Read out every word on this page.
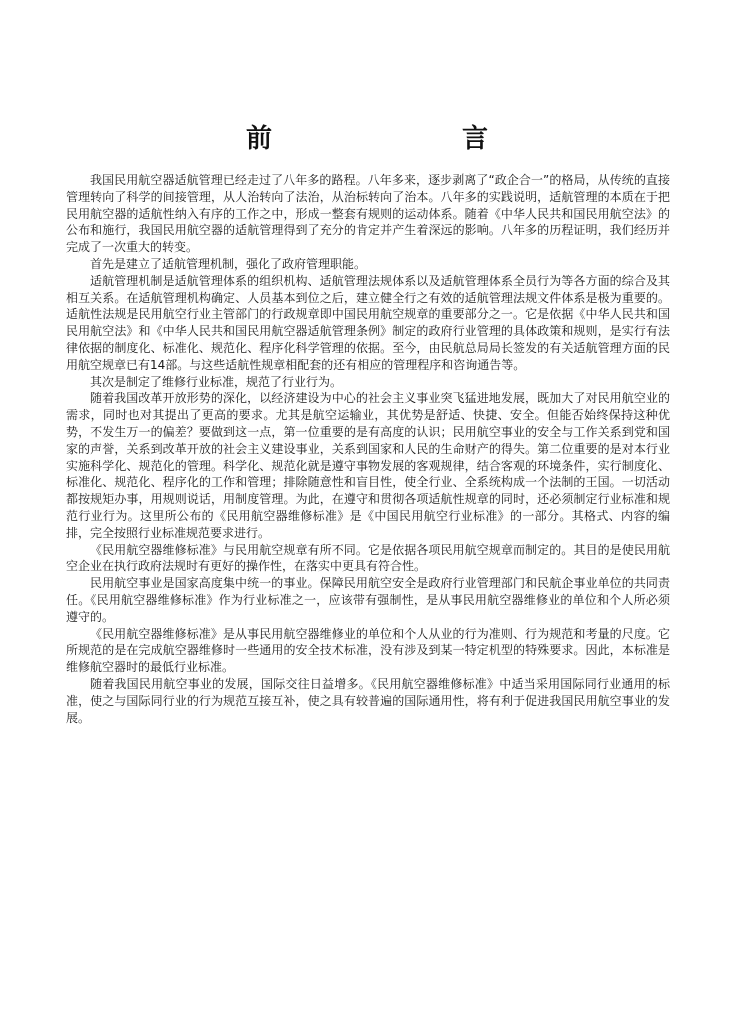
前　言

我国民用航空器适航管理已经走过了八年多的路程。八年多来，逐步剥离了“政企合一”的格局，从传统的直接管理转向了科学的间接管理，从人治转向了法治，从治标转向了治本。八年多的实践说明，适航管理的本质在于把民用航空器的适航性纳入有序的工作之中，形成一整套有规则的运动体系。随着《中华人民共和国民用航空法》的公布和施行，我国民用航空器的适航管理得到了充分的肯定并产生着深远的影响。八年多的历程证明，我们经历并完成了一次重大的转变。

首先是建立了适航管理机制，强化了政府管理职能。

适航管理机制是适航管理体系的组织机构、适航管理法规体系以及适航管理体系全员行为等各方面的综合及其相互关系。在适航管理机构确定、人员基本到位之后，建立健全行之有效的适航管理法规文件体系是极为重要的。适航性法规是民用航空行业主管部门的行政规章即中国民用航空规章的重要部分之一。它是依据《中华人民共和国民用航空法》和《中华人民共和国民用航空器适航管理条例》制定的政府行业管理的具体政策和规则，是实行有法律依据的制度化、标准化、规范化、程序化科学管理的依据。至今，由民航总局局长签发的有关适航管理方面的民用航空规章已有14部。与这些适航性规章相配套的还有相应的管理程序和咨询通告等。

其次是制定了维修行业标准，规范了行业行为。

随着我国改革开放形势的深化，以经济建设为中心的社会主义事业突飞猛进地发展，既加大了对民用航空业的需求，同时也对其提出了更高的要求。尤其是航空运输业，其优势是舒适、快捷、安全。但能否始终保持这种优势，不发生万一的偏差？要做到这一点，第一位重要的是有高度的认识；民用航空事业的安全与工作关系到党和国家的声誉，关系到改革开放的社会主义建设事业，关系到国家和人民的生命财产的得失。第二位重要的是对本行业实施科学化、规范化的管理。科学化、规范化就是遵守事物发展的客观规律，结合客观的环境条件，实行制度化、标准化、规范化、程序化的工作和管理；排除随意性和盲目性，使全行业、全系统构成一个法制的王国。一切活动都按规矩办事，用规则说话，用制度管理。为此，在遵守和贯彻各项适航性规章的同时，还必须制定行业标准和规范行业行为。这里所公布的《民用航空器维修标准》是《中国民用航空行业标准》的一部分。其格式、内容的编排，完全按照行业标准规范要求进行。

《民用航空器维修标准》与民用航空规章有所不同。它是依据各项民用航空规章而制定的。其目的是使民用航空企业在执行政府法规时有更好的操作性，在落实中更具有符合性。

民用航空事业是国家高度集中统一的事业。保障民用航空安全是政府行业管理部门和民航企事业单位的共同责任。《民用航空器维修标准》作为行业标准之一，应该带有强制性，是从事民用航空器维修业的单位和个人所必须遵守的。

《民用航空器维修标准》是从事民用航空器维修业的单位和个人从业的行为准则、行为规范和考量的尺度。它所规范的是在完成航空器维修时一些通用的安全技术标准，没有涉及到某一特定机型的特殊要求。因此，本标准是维修航空器时的最低行业标准。

随着我国民用航空事业的发展，国际交往日益增多。《民用航空器维修标准》中适当采用国际同行业通用的标准，使之与国际同行业的行为规范互接互补，使之具有较普遍的国际通用性，将有利于促进我国民用航空事业的发展。
